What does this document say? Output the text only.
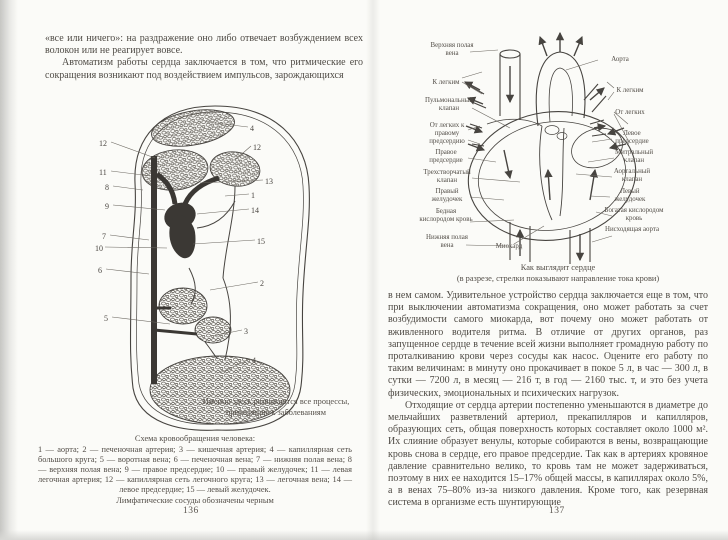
«все или ничего»: на раздражение оно либо отвечает возбуждением всех волокон или не реагирует вовсе.

Автоматизм работы сердца заключается в том, что ритмические его сокращения возникают под воздействием импульсов, зарождающихся

4
12	12
11
8
13
1
9	14
7
15
10
6
2
5
3
4
Именно здесь развиваются все процессы, приводящие к заболеваниям
Схема кровообращения человека:
1 — аорта; 2 — печеночная артерия; 3 — кишечная артерия; 4 — капиллярная сеть большого круга; 5 — воротная вена; 6 — печеночная вена; 7 — нижняя полая вена; 8 — верхняя полая вена; 9 — правое предсердие; 10 — правый желудочек; 11 — левая легочная артерия; 12 — капиллярная сеть легочного круга; 13 — легочная вена; 14 — левое предсердие; 15 — левый желудочек.
Лимфатические сосуды обозначены черным
136
Верхняя полая вена
Аорта
К легким
К легким
Пульмональный клапан
От легких к правому предсердию
От легких
Правое предсердие
Левое предсердие
Трехстворчатый клапан
Митральный клапан
Правый желудочек
Аортальный клапан
Бедная кислородом кровь
Левый желудочек
Богатая кислородом кровь
Нижняя полая вена
Нисходящая аорта
Миокард
Как выглядит сердце
(в разрезе, стрелки показывают направление тока крови)

в нем самом. Удивительное устройство сердца заключается еще в том, что при выключении автоматизма сокращения, оно может работать за счет возбудимости самого миокарда, вот почему оно может работать от вживленного водителя ритма. В отличие от других органов, раз запущенное сердце в течение всей жизни выполняет громадную работу по проталкиванию крови через сосуды как насос. Оцените его работу по таким величинам: в минуту оно прокачивает в покое 5 л, в час — 300 л, в сутки — 7200 л, в месяц — 216 т, в год — 2160 тыс. т, и это без учета физических, эмоциональных и психических нагрузок.

Отходящие от сердца артерии постепенно уменьшаются в диаметре до мельчайших разветвлений артериол, прекапилляров и капилляров, образующих сеть, общая поверхность которых составляет около 1000 м². Их слияние образует венулы, которые собираются в вены, возвращающие кровь снова в сердце, его правое предсердие. Так как в артериях кровяное давление сравнительно велико, то кровь там не может задерживаться, поэтому в них ее находится 15–17% общей массы, в капиллярах около 5%, а в венах 75–80% из-за низкого давления. Кроме того, как резервная система в организме есть шунтирующие

137
